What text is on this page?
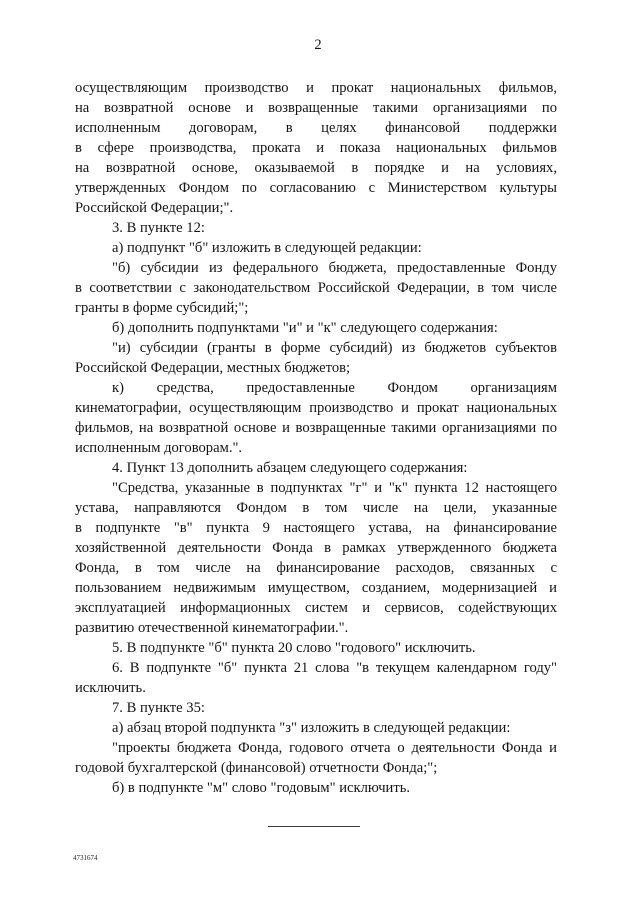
2
осуществляющим производство и прокат национальных фильмов,
на возвратной основе и возвращенные такими организациями по
исполненным договорам, в целях финансовой поддержки
в сфере производства, проката и показа национальных фильмов
на возвратной основе, оказываемой в порядке и на условиях,
утвержденных Фондом по согласованию с Министерством культуры
Российской Федерации;".
3. В пункте 12:
а) подпункт "б" изложить в следующей редакции:
"б) субсидии из федерального бюджета, предоставленные Фонду
в соответствии с законодательством Российской Федерации, в том числе
гранты в форме субсидий;";
б) дополнить подпунктами "и" и "к" следующего содержания:
"и) субсидии (гранты в форме субсидий) из бюджетов субъектов
Российской Федерации, местных бюджетов;
к) средства, предоставленные Фондом организациям
кинематографии, осуществляющим производство и прокат национальных
фильмов, на возвратной основе и возвращенные такими организациями по
исполненным договорам.".
4. Пункт 13 дополнить абзацем следующего содержания:
"Средства, указанные в подпунктах "г" и "к" пункта 12 настоящего
устава, направляются Фондом в том числе на цели, указанные
в подпункте "в" пункта 9 настоящего устава, на финансирование
хозяйственной деятельности Фонда в рамках утвержденного бюджета
Фонда, в том числе на финансирование расходов, связанных с
пользованием недвижимым имуществом, созданием, модернизацией и
эксплуатацией информационных систем и сервисов, содействующих
развитию отечественной кинематографии.".
5. В подпункте "б" пункта 20 слово "годового" исключить.
6. В подпункте "б" пункта 21 слова "в текущем календарном году"
исключить.
7. В пункте 35:
а) абзац второй подпункта "з" изложить в следующей редакции:
"проекты бюджета Фонда, годового отчета о деятельности Фонда и
годовой бухгалтерской (финансовой) отчетности Фонда;";
б) в подпункте "м" слово "годовым" исключить.
4731674
